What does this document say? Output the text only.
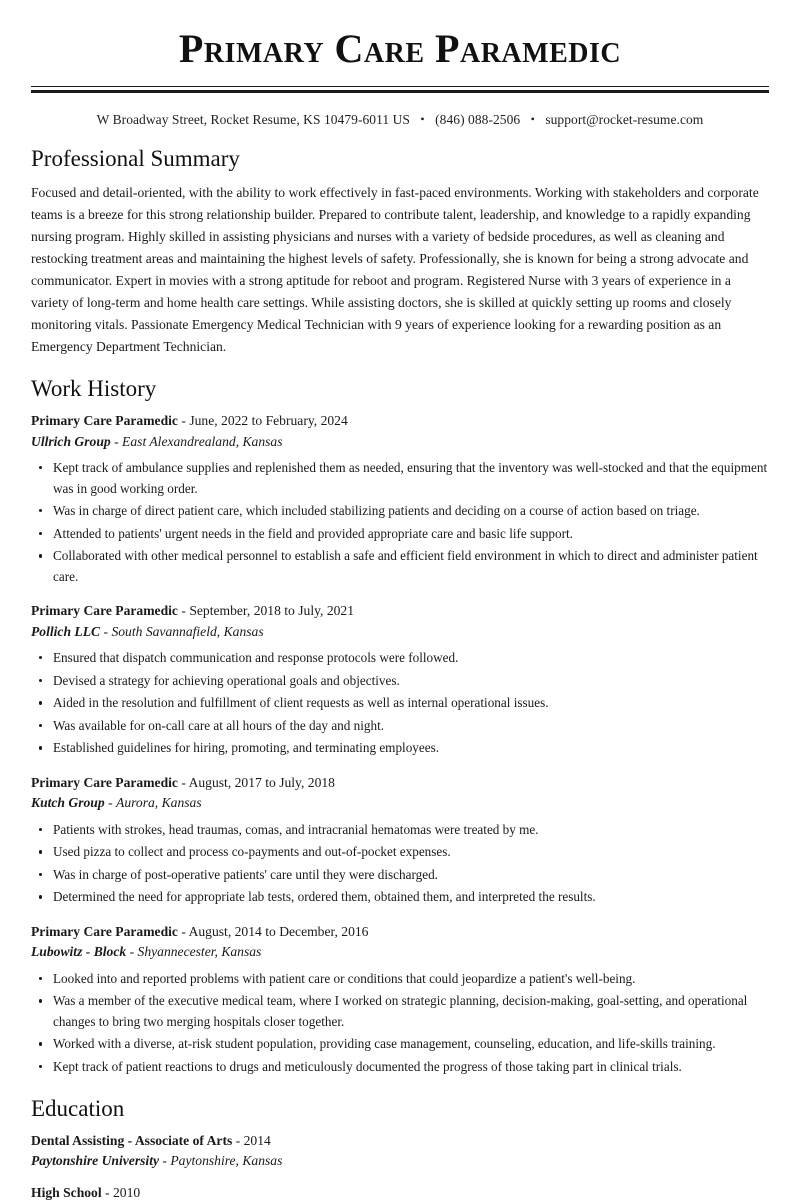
Primary Care Paramedic
W Broadway Street, Rocket Resume, KS 10479-6011 US • (846) 088-2506 • support@rocket-resume.com
Professional Summary

Focused and detail-oriented, with the ability to work effectively in fast-paced environments. Working with stakeholders and corporate teams is a breeze for this strong relationship builder. Prepared to contribute talent, leadership, and knowledge to a rapidly expanding nursing program. Highly skilled in assisting physicians and nurses with a variety of bedside procedures, as well as cleaning and restocking treatment areas and maintaining the highest levels of safety. Professionally, she is known for being a strong advocate and communicator. Expert in movies with a strong aptitude for reboot and program. Registered Nurse with 3 years of experience in a variety of long-term and home health care settings. While assisting doctors, she is skilled at quickly setting up rooms and closely monitoring vitals. Passionate Emergency Medical Technician with 9 years of experience looking for a rewarding position as an Emergency Department Technician.

Work History
Primary Care Paramedic - June, 2022 to February, 2024
Ullrich Group - East Alexandrealand, Kansas
Kept track of ambulance supplies and replenished them as needed, ensuring that the inventory was well-stocked and that the equipment was in good working order.
Was in charge of direct patient care, which included stabilizing patients and deciding on a course of action based on triage.
Attended to patients' urgent needs in the field and provided appropriate care and basic life support.
Collaborated with other medical personnel to establish a safe and efficient field environment in which to direct and administer patient care.
Primary Care Paramedic - September, 2018 to July, 2021
Pollich LLC - South Savannafield, Kansas
Ensured that dispatch communication and response protocols were followed.
Devised a strategy for achieving operational goals and objectives.
Aided in the resolution and fulfillment of client requests as well as internal operational issues.
Was available for on-call care at all hours of the day and night.
Established guidelines for hiring, promoting, and terminating employees.
Primary Care Paramedic - August, 2017 to July, 2018
Kutch Group - Aurora, Kansas
Patients with strokes, head traumas, comas, and intracranial hematomas were treated by me.
Used pizza to collect and process co-payments and out-of-pocket expenses.
Was in charge of post-operative patients' care until they were discharged.
Determined the need for appropriate lab tests, ordered them, obtained them, and interpreted the results.
Primary Care Paramedic - August, 2014 to December, 2016
Lubowitz - Block - Shyannecester, Kansas
Looked into and reported problems with patient care or conditions that could jeopardize a patient's well-being.
Was a member of the executive medical team, where I worked on strategic planning, decision-making, goal-setting, and operational changes to bring two merging hospitals closer together.
Worked with a diverse, at-risk student population, providing case management, counseling, education, and life-skills training.
Kept track of patient reactions to drugs and meticulously documented the progress of those taking part in clinical trials.
Education
Dental Assisting - Associate of Arts - 2014
Paytonshire University - Paytonshire, Kansas
High School - 2010
